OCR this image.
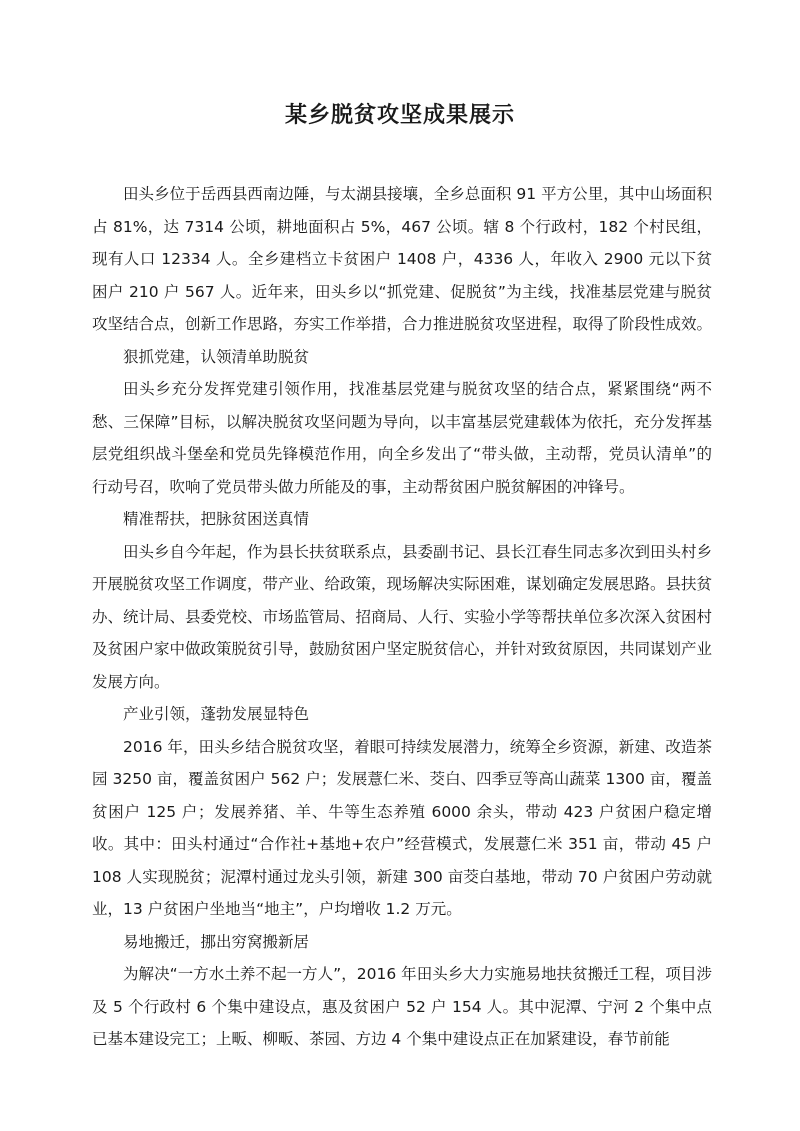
某乡脱贫攻坚成果展示

田头乡位于岳西县西南边陲，与太湖县接壤，全乡总面积 91 平方公里，其中山场面积占 81%，达 7314 公顷，耕地面积占 5%，467 公顷。辖 8 个行政村，182 个村民组，现有人口 12334 人。全乡建档立卡贫困户 1408 户，4336 人，年收入 2900 元以下贫困户 210 户 567 人。近年来，田头乡以“抓党建、促脱贫”为主线，找准基层党建与脱贫攻坚结合点，创新工作思路，夯实工作举措，合力推进脱贫攻坚进程，取得了阶段性成效。

狠抓党建，认领清单助脱贫

田头乡充分发挥党建引领作用，找准基层党建与脱贫攻坚的结合点，紧紧围绕“两不愁、三保障”目标，以解决脱贫攻坚问题为导向，以丰富基层党建载体为依托，充分发挥基层党组织战斗堡垒和党员先锋模范作用，向全乡发出了“带头做，主动帮，党员认清单”的行动号召，吹响了党员带头做力所能及的事，主动帮贫困户脱贫解困的冲锋号。

精准帮扶，把脉贫困送真情

田头乡自今年起，作为县长扶贫联系点，县委副书记、县长江春生同志多次到田头村乡开展脱贫攻坚工作调度，带产业、给政策，现场解决实际困难，谋划确定发展思路。县扶贫办、统计局、县委党校、市场监管局、招商局、人行、实验小学等帮扶单位多次深入贫困村及贫困户家中做政策脱贫引导，鼓励贫困户坚定脱贫信心，并针对致贫原因，共同谋划产业发展方向。

产业引领，蓬勃发展显特色

2016 年，田头乡结合脱贫攻坚，着眼可持续发展潜力，统筹全乡资源，新建、改造茶园 3250 亩，覆盖贫困户 562 户；发展薏仁米、茭白、四季豆等高山蔬菜 1300 亩，覆盖贫困户 125 户；发展养猪、羊、牛等生态养殖 6000 余头，带动 423 户贫困户稳定增收。其中：田头村通过“合作社+基地+农户”经营模式，发展薏仁米 351 亩，带动 45 户 108 人实现脱贫；泥潭村通过龙头引领，新建 300 亩茭白基地，带动 70 户贫困户劳动就业，13 户贫困户坐地当“地主”，户均增收 1.2 万元。

易地搬迁，挪出穷窝搬新居

为解决“一方水土养不起一方人”，2016 年田头乡大力实施易地扶贫搬迁工程，项目涉及 5 个行政村 6 个集中建设点，惠及贫困户 52 户 154 人。其中泥潭、宁河 2 个集中点已基本建设完工；上畈、柳畈、茶园、方边 4 个集中建设点正在加紧建设，春节前能
